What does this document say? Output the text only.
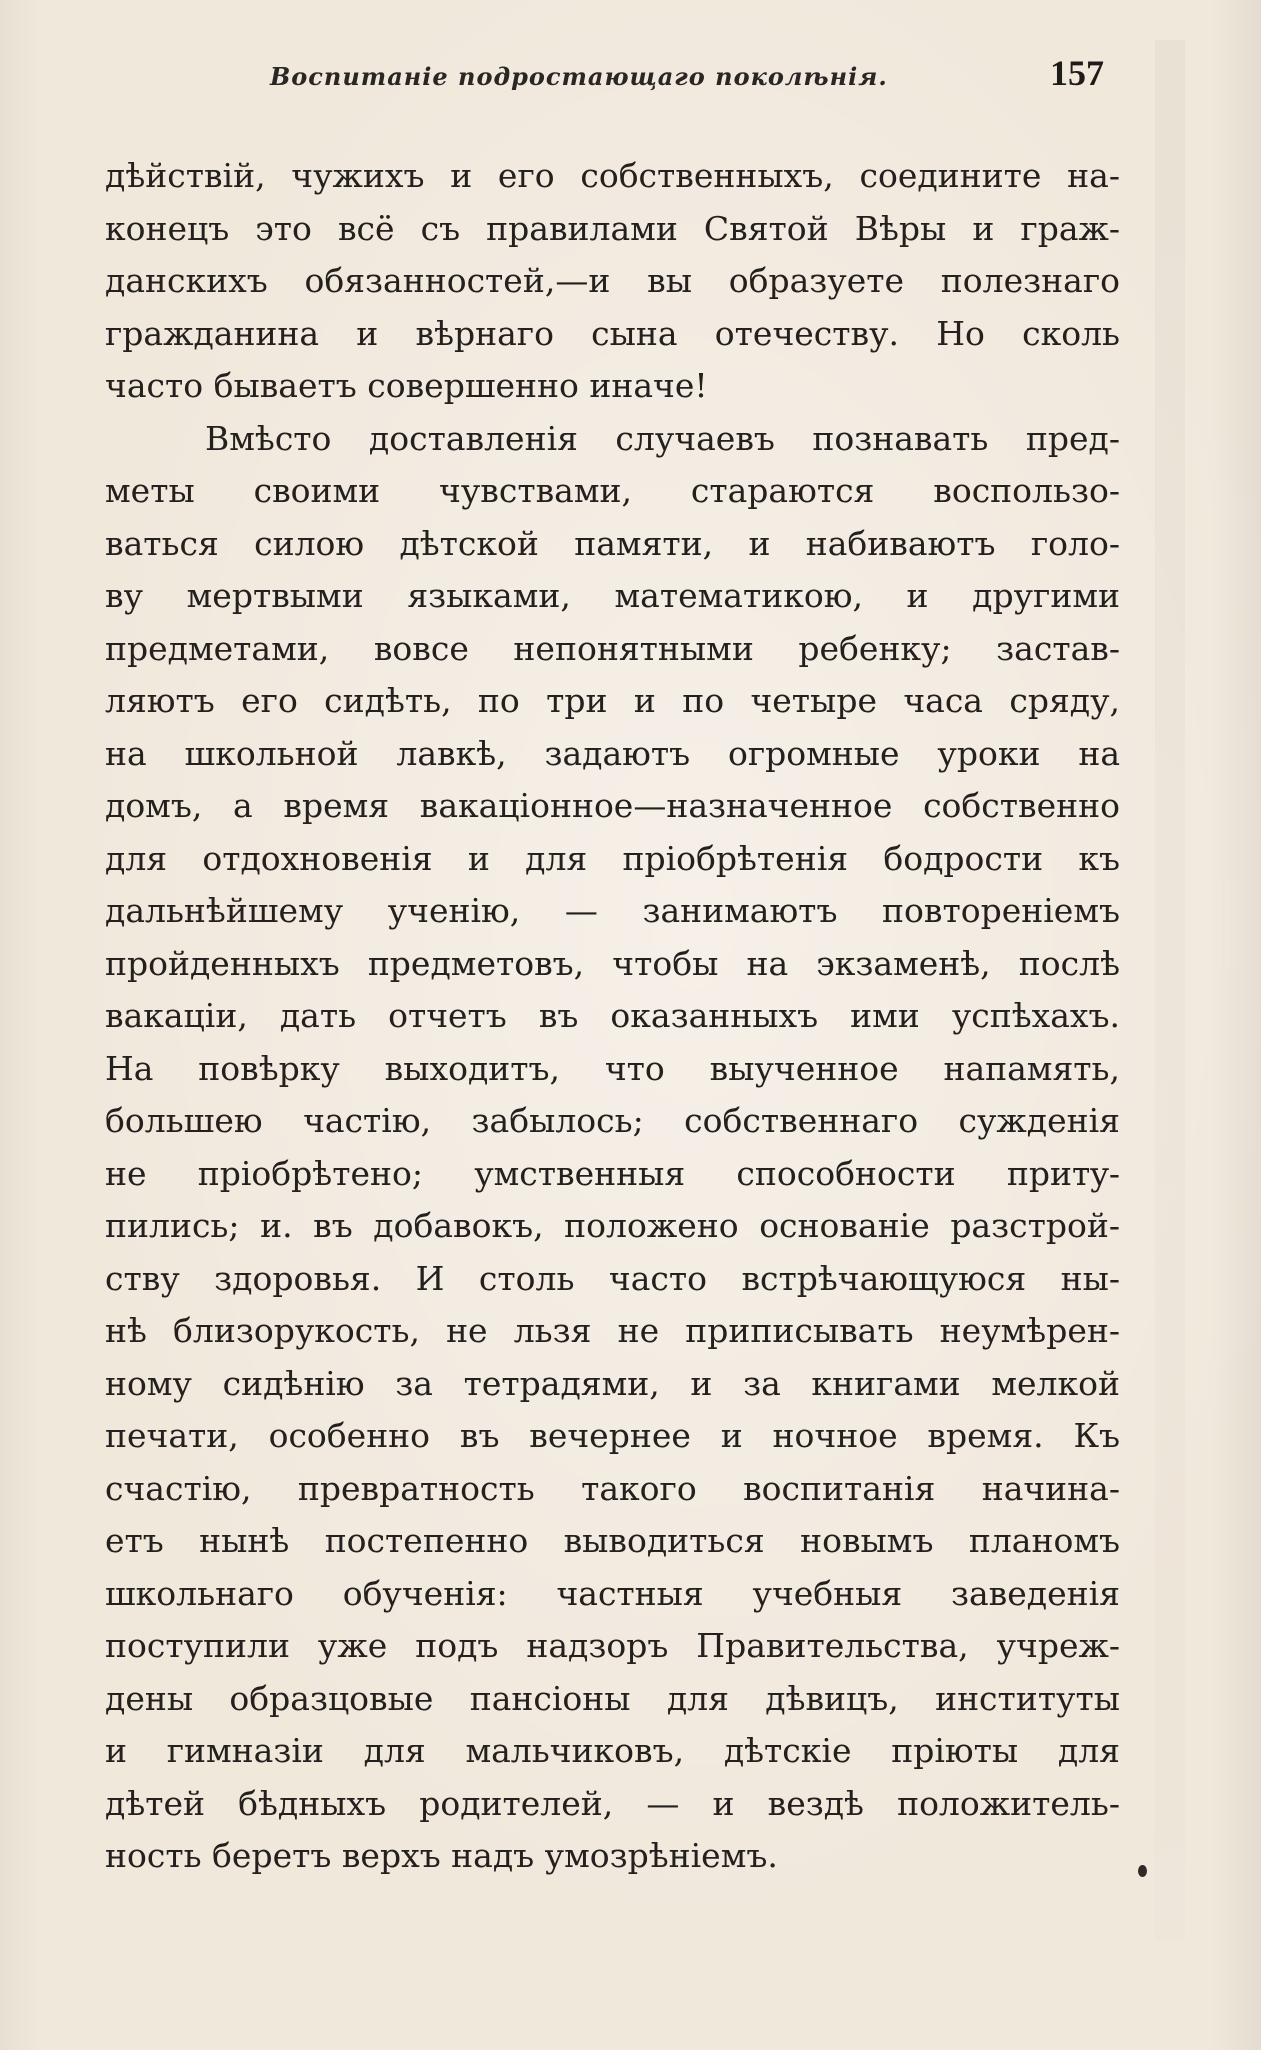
Воспитаніе подростающаго поколѣнія.	157
дѣйствій, чужихъ и его собственныхъ, соедините на-
конецъ это всё съ правилами Святой Вѣры и граж-
данскихъ обязанностей,—и вы образуете полезнаго
гражданина и вѣрнаго сына отечеству. Но сколь
часто бываетъ совершенно иначе!
Вмѣсто доставленія случаевъ познавать пред-
меты своими чувствами, стараются воспользо-
ваться силою дѣтской памяти, и набиваютъ голо-
ву мертвыми языками, математикою, и другими
предметами, вовсе непонятными ребенку; застав-
ляютъ его сидѣть, по три и по четыре часа сряду,
на школьной лавкѣ, задаютъ огромные уроки на
домъ, а время вакаціонное—назначенное собственно
для отдохновенія и для пріобрѣтенія бодрости къ
дальнѣйшему ученію, — занимаютъ повтореніемъ
пройденныхъ предметовъ, чтобы на экзаменѣ, послѣ
вакаціи, дать отчетъ въ оказанныхъ ими успѣхахъ.
На повѣрку выходитъ, что выученное напамять,
большею частію, забылось; собственнаго сужденія
не пріобрѣтено; умственныя способности притy-
пились; и. въ добавокъ, положено основаніе разстрой-
ству здоровья. И столь часто встрѣчающуюся ны-
нѣ близорукость, не льзя не приписывать неумѣрен-
ному сидѣнію за тетрадями, и за книгами мелкой
печати, особенно въ вечернее и ночное время. Къ
счастію, превратность такого воспитанія начина-
етъ нынѣ постепенно выводиться новымъ планомъ
школьнаго обученія: частныя учебныя заведенія
поступили уже подъ надзоръ Правительства, учреж-
дены образцовые пансіоны для дѣвицъ, институты
и гимназіи для мальчиковъ, дѣтскіе пріюты для
дѣтей бѣдныхъ родителей, — и вездѣ положитель-
ность беретъ верхъ надъ умозрѣніемъ.
